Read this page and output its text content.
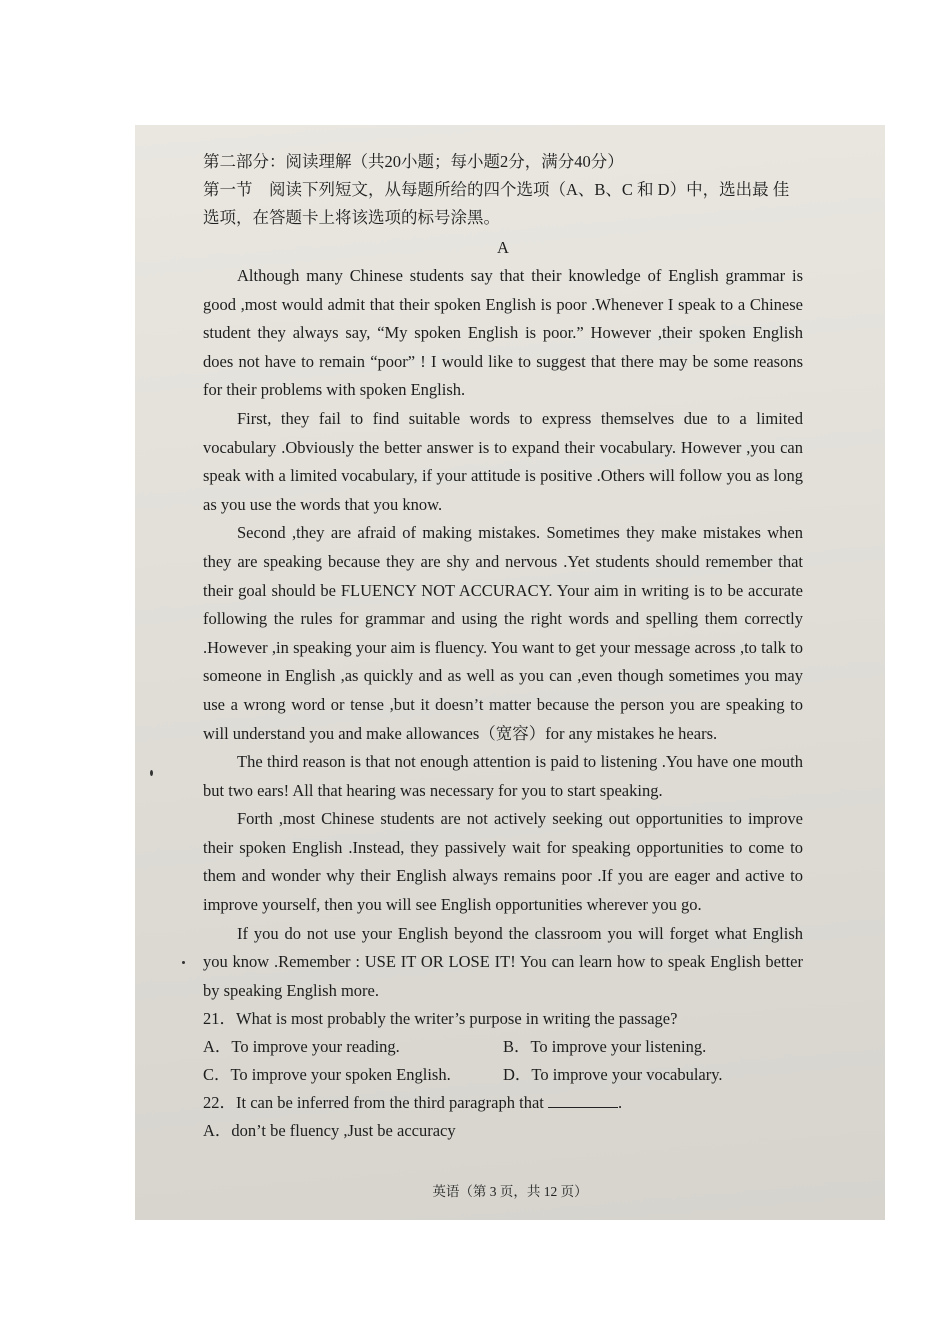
第二部分：阅读理解（共20小题；每小题2分，满分40分）

第一节　阅读下列短文，从每题所给的四个选项（A、B、C 和 D）中，选出最 佳选项，在答题卡上将该选项的标号涂黑。

A

Although many Chinese students say that their knowledge of English grammar is good ,most would admit that their spoken English is poor .Whenever I speak to a Chinese student they always say, “My spoken English is poor.” However ,their spoken English does not have to remain “poor” ! I would like to suggest that there may be some reasons for their problems with spoken English.

First, they fail to find suitable words to express themselves due to a limited vocabulary .Obviously the better answer is to expand their vocabulary. However ,you can speak with a limited vocabulary, if your attitude is positive .Others will follow you as long as you use the words that you know.

Second ,they are afraid of making mistakes. Sometimes they make mistakes when they are speaking because they are shy and nervous .Yet students should remember that their goal should be FLUENCY NOT ACCURACY. Your aim in writing is to be accurate following the rules for grammar and using the right words and spelling them correctly .However ,in speaking your aim is fluency. You want to get your message across ,to talk to someone in English ,as quickly and as well as you can ,even though sometimes you may use a wrong word or tense ,but it doesn’t matter because the person you are speaking to will understand you and make allowances（宽容）for any mistakes he hears.

The third reason is that not enough attention is paid to listening .You have one mouth but two ears! All that hearing was necessary for you to start speaking.

Forth ,most Chinese students are not actively seeking out opportunities to improve their spoken English .Instead, they passively wait for speaking opportunities to come to them and wonder why their English always remains poor .If you are eager and active to improve yourself, then you will see English opportunities wherever you go.

If you do not use your English beyond the classroom you will forget what English you know .Remember : USE IT OR LOSE IT! You can learn how to speak English better by speaking English more.

21．What is most probably the writer’s purpose in writing the passage?

A．To improve your reading.	B．To improve your listening.
C．To improve your spoken English.	D．To improve your vocabulary.

22．It can be inferred from the third paragraph that	.

A．don’t be fluency ,Just be accuracy

英语（第 3 页，共 12 页）
